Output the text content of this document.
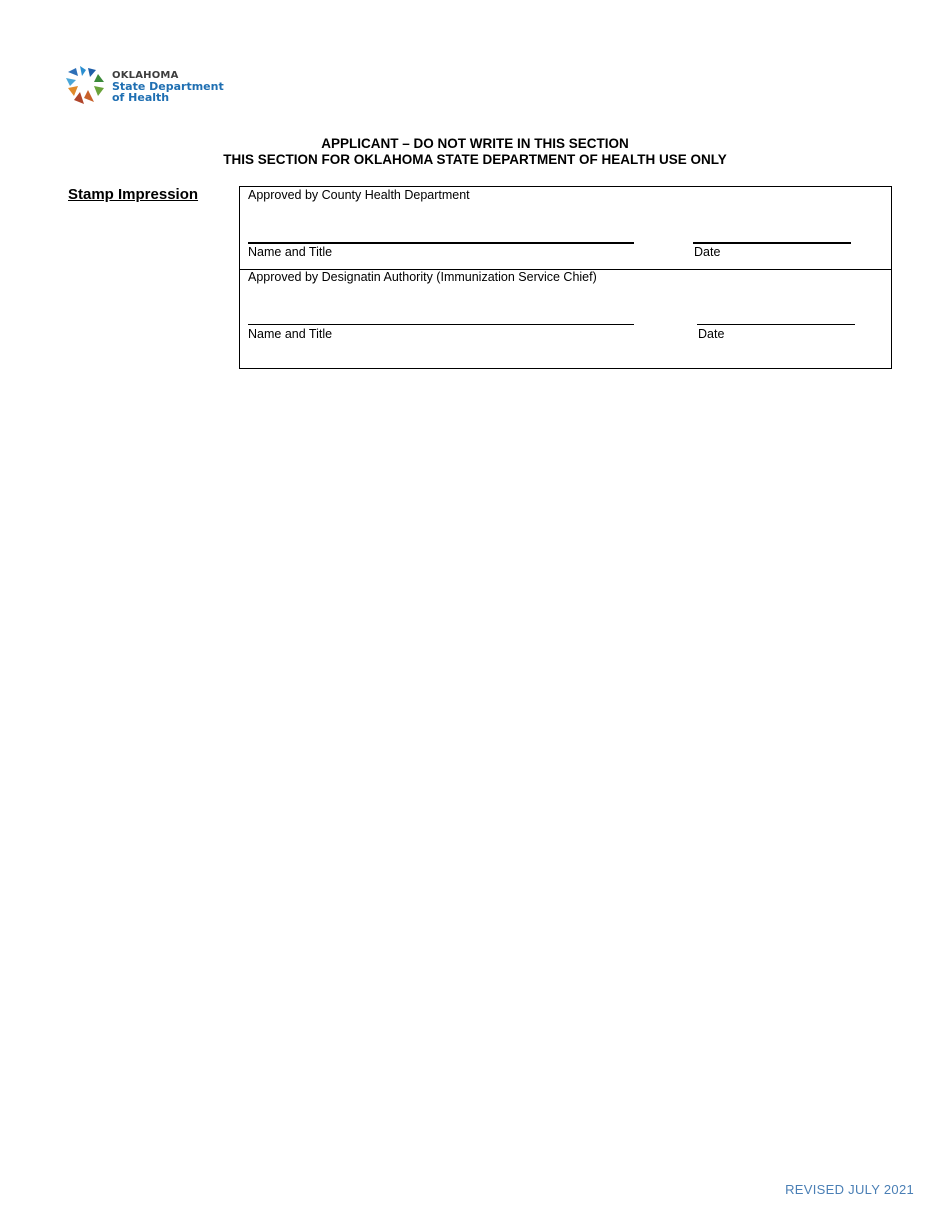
OKLAHOMA
State Department
of Health
APPLICANT – DO NOT WRITE IN THIS SECTION
THIS SECTION FOR OKLAHOMA STATE DEPARTMENT OF HEALTH USE ONLY
Stamp Impression	Approved by County Health Department
Name and Title	Date
Approved by Designatin Authority (Immunization Service Chief)
Name and Title	Date
REVISED JULY 2021
